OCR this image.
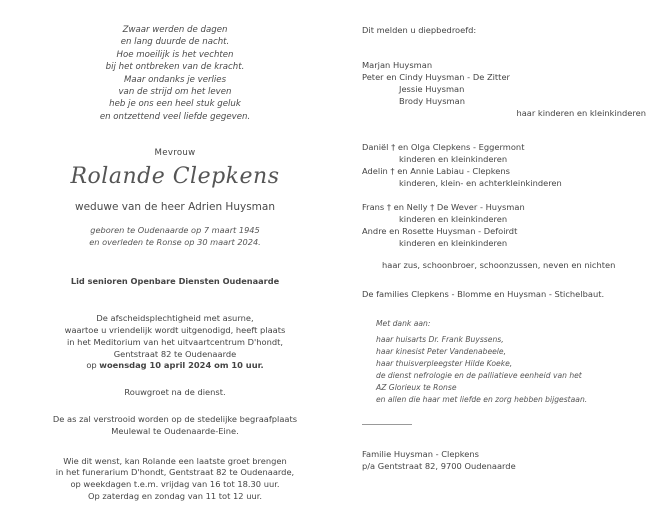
Zwaar werden de dagen
en lang duurde de nacht.
Hoe moeilijk is het vechten
bij het ontbreken van de kracht.
Maar ondanks je verlies
van de strijd om het leven
heb je ons een heel stuk geluk
en ontzettend veel liefde gegeven.
Mevrouw
Rolande Clepkens
weduwe van de heer Adrien Huysman
geboren te Oudenaarde op 7 maart 1945
en overleden te Ronse op 30 maart 2024.
Lid senioren Openbare Diensten Oudenaarde
De afscheidsplechtigheid met asurne,
waartoe u vriendelijk wordt uitgenodigd, heeft plaats
in het Meditorium van het uitvaartcentrum D'hondt,
Gentstraat 82 te Oudenaarde
op woensdag 10 april 2024 om 10 uur.
Rouwgroet na de dienst.
De as zal verstrooid worden op de stedelijke begraafplaats
Meulewal te Oudenaarde-Eine.
Wie dit wenst, kan Rolande een laatste groet brengen
in het funerarium D'hondt, Gentstraat 82 te Oudenaarde,
op weekdagen t.e.m. vrijdag van 16 tot 18.30 uur.
Op zaterdag en zondag van 11 tot 12 uur.
Dit melden u diepbedroefd:
Marjan Huysman
Peter en Cindy Huysman - De Zitter
Jessie Huysman
Brody Huysman
haar kinderen en kleinkinderen
Daniël † en Olga Clepkens - Eggermont
kinderen en kleinkinderen
Adelin † en Annie Labiau - Clepkens
kinderen, klein- en achterkleinkinderen
Frans † en Nelly † De Wever - Huysman
kinderen en kleinkinderen
Andre en Rosette Huysman - Defoirdt
kinderen en kleinkinderen
haar zus, schoonbroer, schoonzussen, neven en nichten
De families Clepkens - Blomme en Huysman - Stichelbaut.
Met dank aan:
haar huisarts Dr. Frank Buyssens,
haar kinesist Peter Vandenabeele,
haar thuisverpleegster Hilde Koeke,
de dienst nefrologie en de palliatieve eenheid van het
AZ Glorieux te Ronse
en allen die haar met liefde en zorg hebben bijgestaan.
Familie Huysman - Clepkens
p/a Gentstraat 82, 9700 Oudenaarde
